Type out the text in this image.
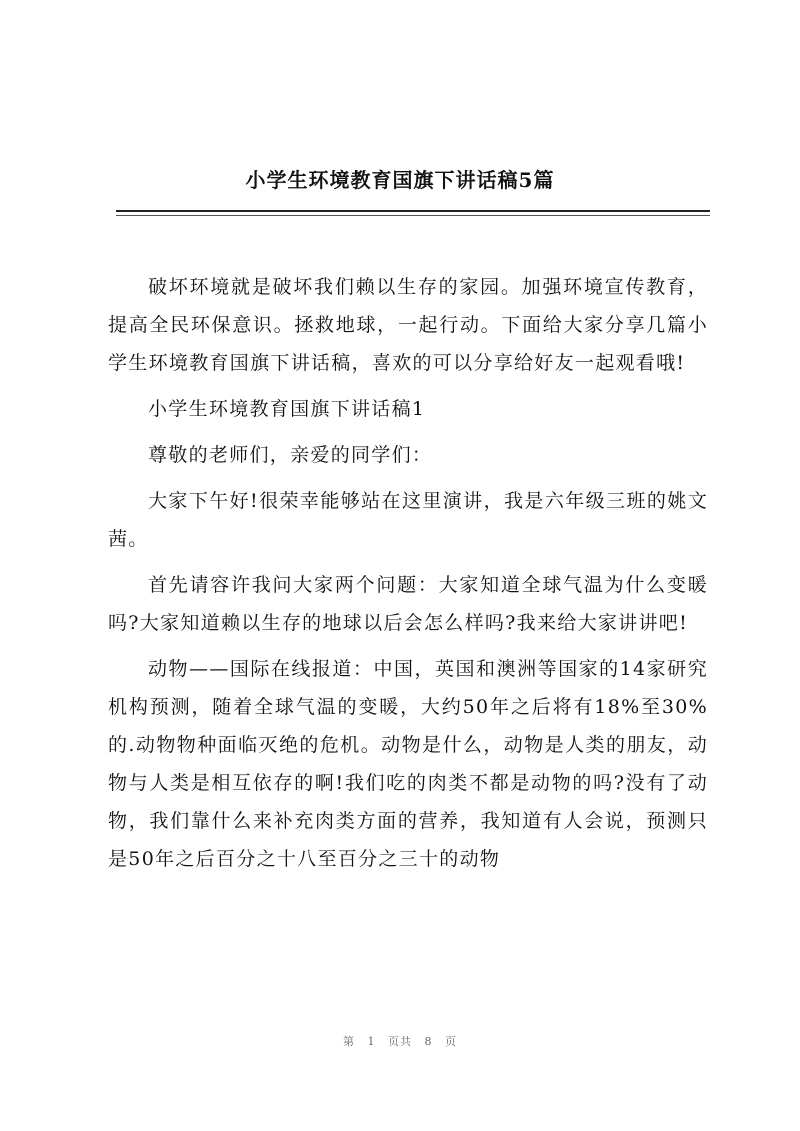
小学生环境教育国旗下讲话稿5篇

破坏环境就是破坏我们赖以生存的家园。加强环境宣传教育，提高全民环保意识。拯救地球，一起行动。下面给大家分享几篇小学生环境教育国旗下讲话稿，喜欢的可以分享给好友一起观看哦!

小学生环境教育国旗下讲话稿1

尊敬的老师们，亲爱的同学们：

大家下午好!很荣幸能够站在这里演讲，我是六年级三班的姚文茜。

首先请容许我问大家两个问题：大家知道全球气温为什么变暖吗?大家知道赖以生存的地球以后会怎么样吗?我来给大家讲讲吧!

动物——国际在线报道：中国，英国和澳洲等国家的14家研究机构预测，随着全球气温的变暖，大约50年之后将有18%至30%的.动物物种面临灭绝的危机。动物是什么，动物是人类的朋友，动物与人类是相互依存的啊!我们吃的肉类不都是动物的吗?没有了动物，我们靠什么来补充肉类方面的营养，我知道有人会说，预测只是50年之后百分之十八至百分之三十的动物

第 1 页共 8 页
